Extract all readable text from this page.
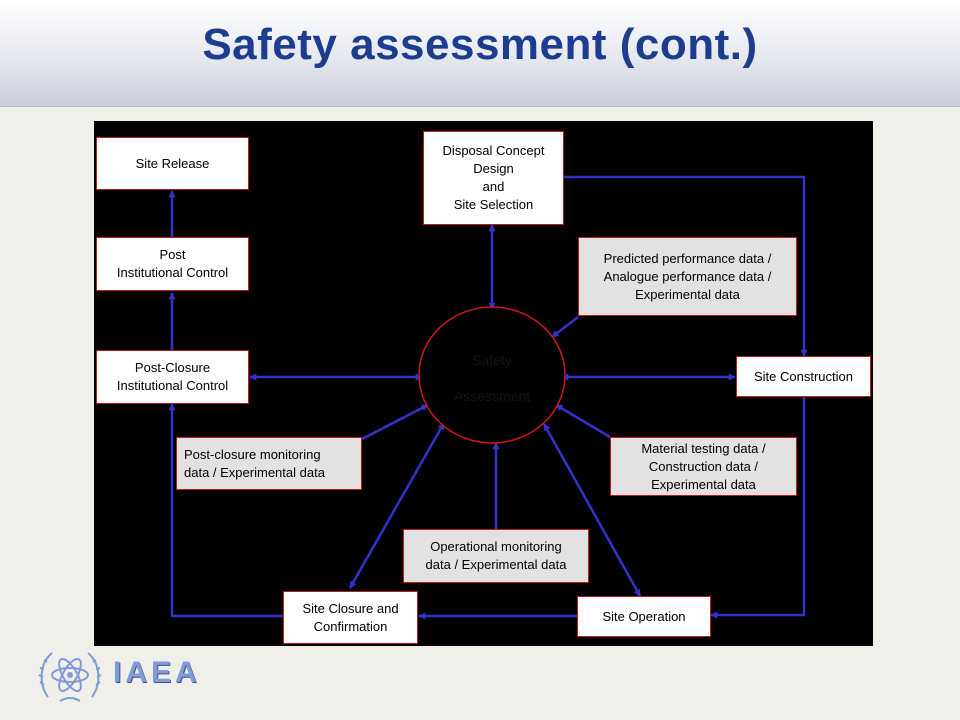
Safety assessment (cont.)
Safety Assessment
Site Release
Post
Institutional Control
Post-Closure
Institutional Control
Disposal Concept
Design
and
Site Selection
Site Construction
Site Operation
Site Closure and
Confirmation
Predicted performance data /
Analogue performance data /
Experimental data
Post-closure monitoring
data / Experimental data
Material testing data /
Construction data /
Experimental data
Operational monitoring
data / Experimental data
IAEA
